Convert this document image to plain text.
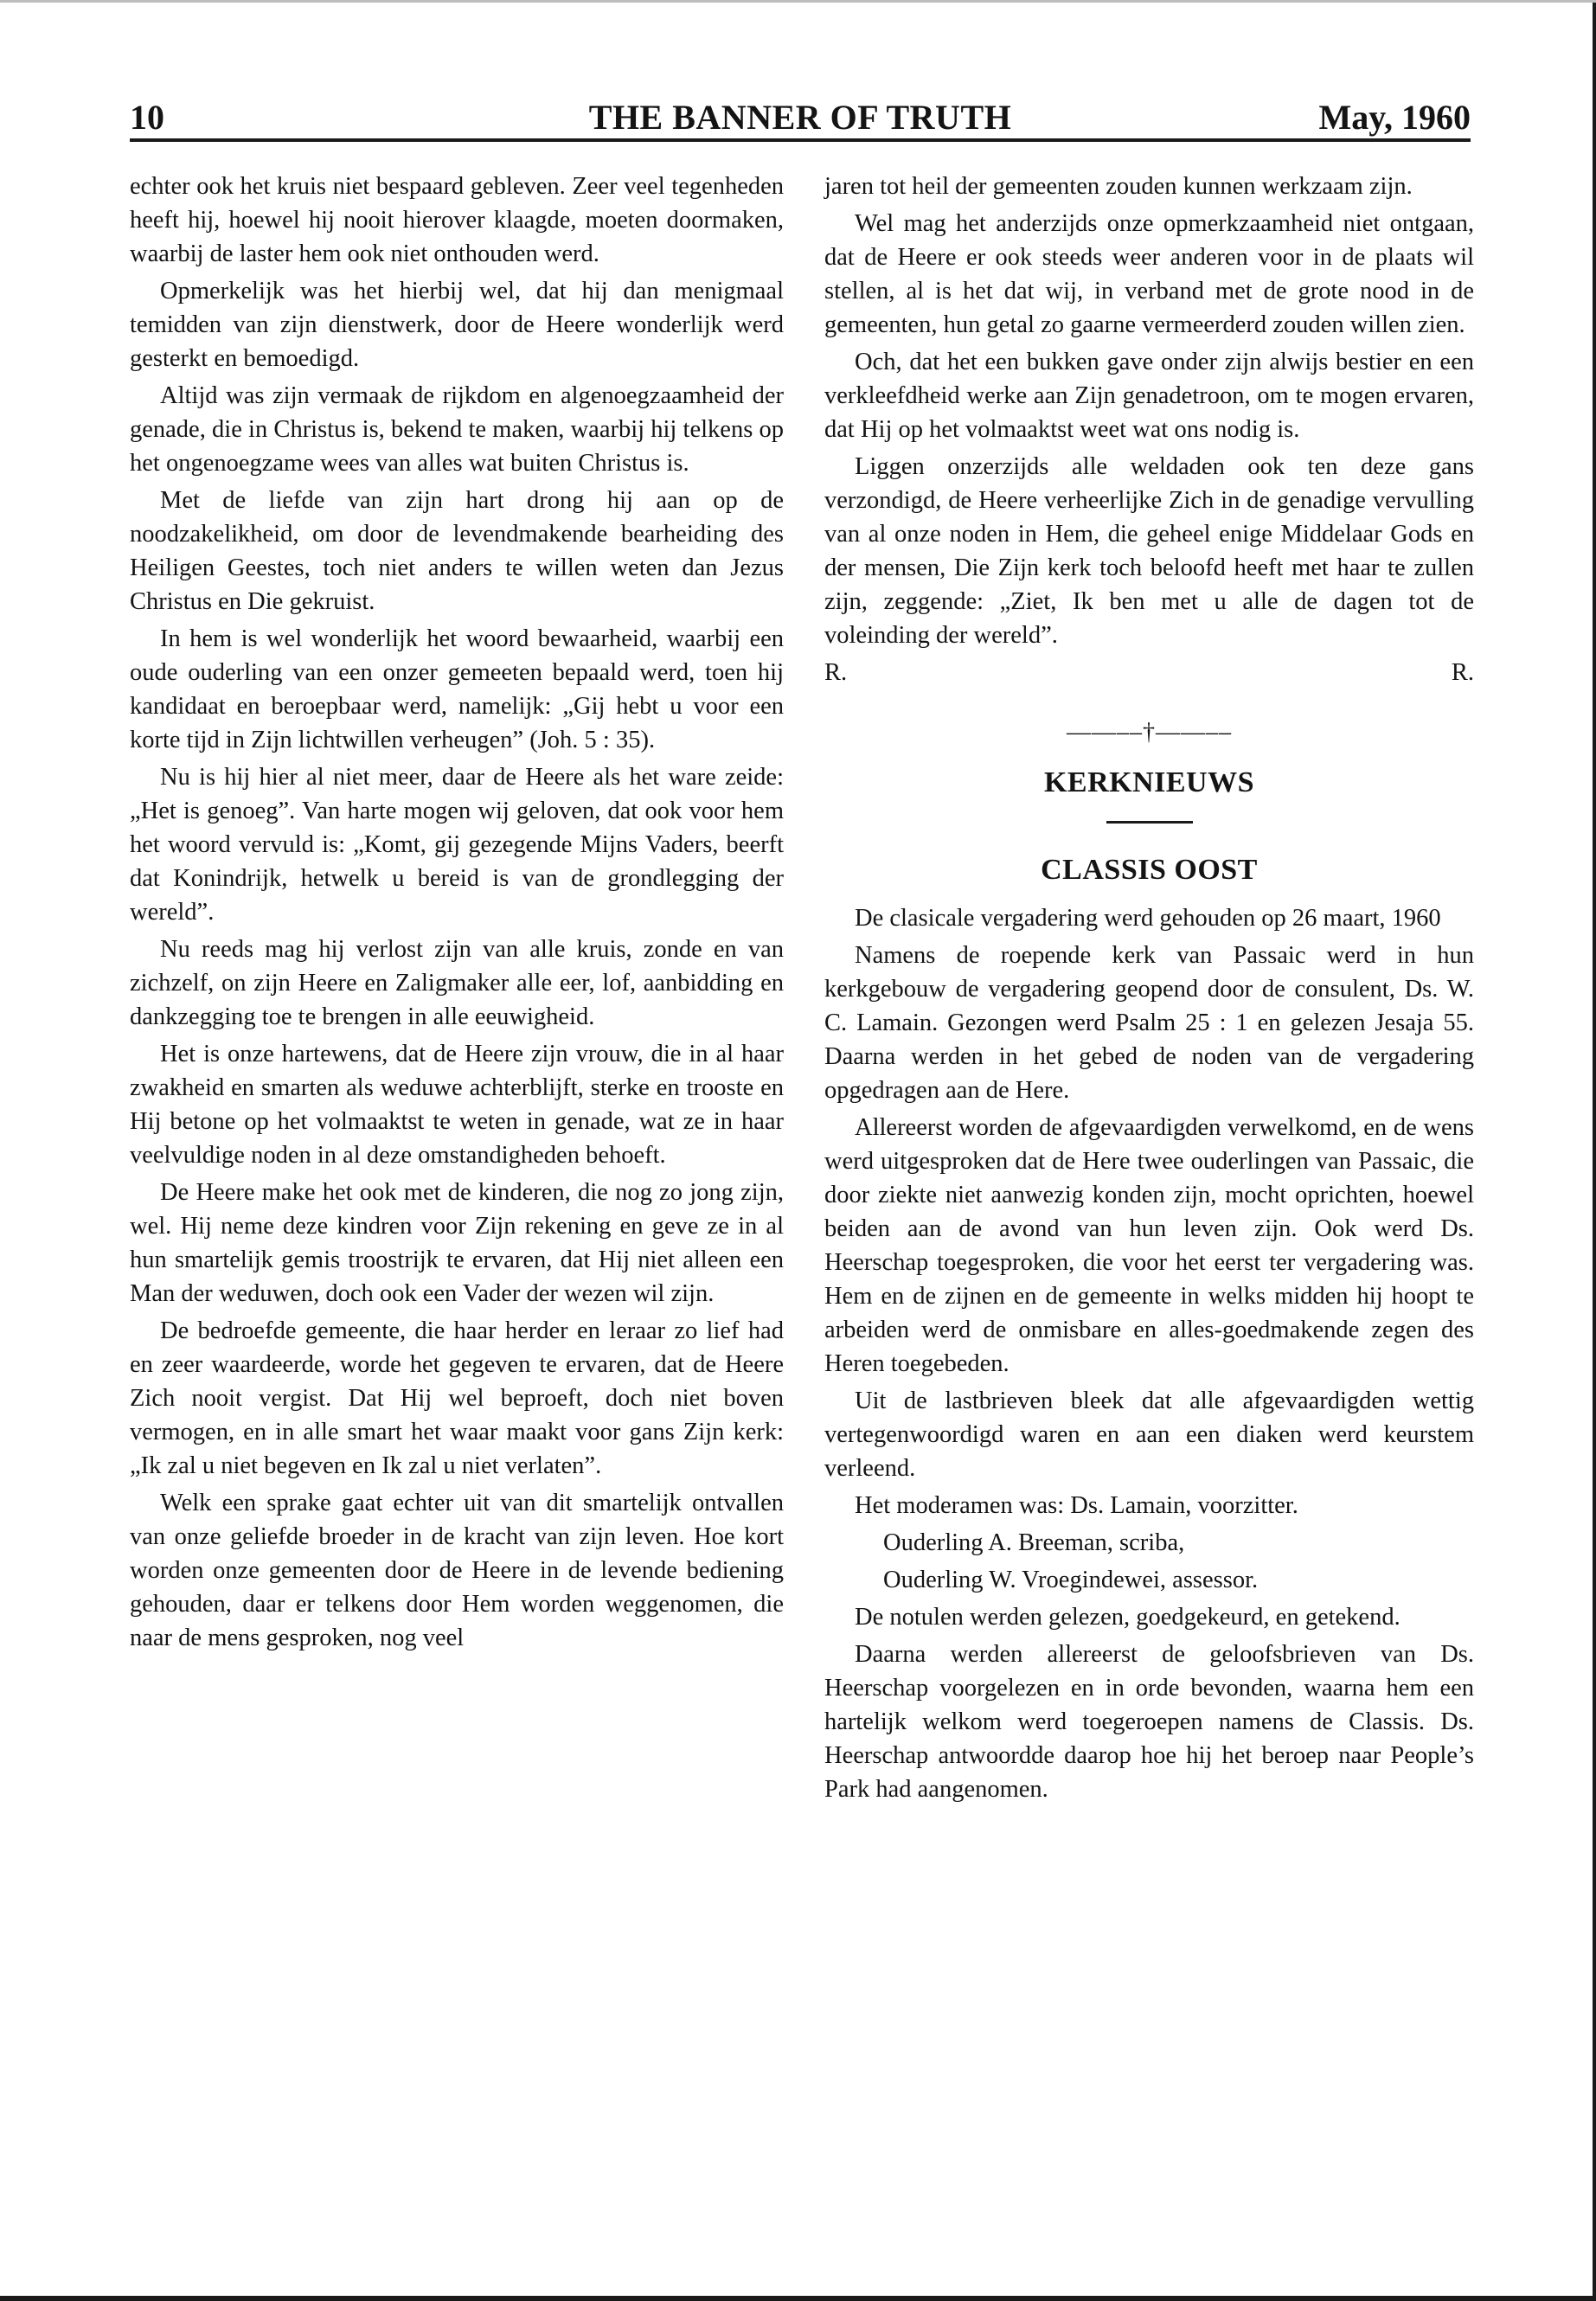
10	THE BANNER OF TRUTH	May, 1960

echter ook het kruis niet bespaard gebleven. Zeer veel tegenheden heeft hij, hoewel hij nooit hierover klaagde, moeten doormaken, waarbij de laster hem ook niet onthouden werd.

Opmerkelijk was het hierbij wel, dat hij dan menigmaal temidden van zijn dienstwerk, door de Heere wonderlijk werd gesterkt en bemoedigd.

Altijd was zijn vermaak de rijkdom en algenoegzaamheid der genade, die in Christus is, bekend te maken, waarbij hij telkens op het ongenoegzame wees van alles wat buiten Christus is.

Met de liefde van zijn hart drong hij aan op de noodzakelikheid, om door de levendmakende bearheiding des Heiligen Geestes, toch niet anders te willen weten dan Jezus Christus en Die gekruist.

In hem is wel wonderlijk het woord bewaarheid, waarbij een oude ouderling van een onzer gemeeten bepaald werd, toen hij kandidaat en beroepbaar werd, namelijk: „Gij hebt u voor een korte tijd in Zijn lichtwillen verheugen” (Joh. 5 : 35).

Nu is hij hier al niet meer, daar de Heere als het ware zeide: „Het is genoeg”. Van harte mogen wij geloven, dat ook voor hem het woord vervuld is: „Komt, gij gezegende Mijns Vaders, beerft dat Konindrijk, hetwelk u bereid is van de grondlegging der wereld”.

Nu reeds mag hij verlost zijn van alle kruis, zonde en van zichzelf, on zijn Heere en Zaligmaker alle eer, lof, aanbidding en dankzegging toe te brengen in alle eeuwigheid.

Het is onze hartewens, dat de Heere zijn vrouw, die in al haar zwakheid en smarten als weduwe achterblijft, sterke en trooste en Hij betone op het volmaaktst te weten in genade, wat ze in haar veelvuldige noden in al deze omstandigheden behoeft.

De Heere make het ook met de kinderen, die nog zo jong zijn, wel. Hij neme deze kindren voor Zijn rekening en geve ze in al hun smartelijk gemis troostrijk te ervaren, dat Hij niet alleen een Man der weduwen, doch ook een Vader der wezen wil zijn.

De bedroefde gemeente, die haar herder en leraar zo lief had en zeer waardeerde, worde het gegeven te ervaren, dat de Heere Zich nooit vergist. Dat Hij wel beproeft, doch niet boven vermogen, en in alle smart het waar maakt voor gans Zijn kerk: „Ik zal u niet begeven en Ik zal u niet verlaten”.

Welk een sprake gaat echter uit van dit smartelijk ontvallen van onze geliefde broeder in de kracht van zijn leven. Hoe kort worden onze gemeenten door de Heere in de levende bediening gehouden, daar er telkens door Hem worden weggenomen, die naar de mens gesproken, nog veel

jaren tot heil der gemeenten zouden kunnen werkzaam zijn.

Wel mag het anderzijds onze opmerkzaamheid niet ontgaan, dat de Heere er ook steeds weer anderen voor in de plaats wil stellen, al is het dat wij, in verband met de grote nood in de gemeenten, hun getal zo gaarne vermeerderd zouden willen zien.

Och, dat het een bukken gave onder zijn alwijs bestier en een verkleefdheid werke aan Zijn genadetroon, om te mogen ervaren, dat Hij op het volmaaktst weet wat ons nodig is.

Liggen onzerzijds alle weldaden ook ten deze gans verzondigd, de Heere verheerlijke Zich in de genadige vervulling van al onze noden in Hem, die geheel enige Middelaar Gods en der mensen, Die Zijn kerk toch beloofd heeft met haar te zullen zijn, zeggende: „Ziet, Ik ben met u alle de dagen tot de voleinding der wereld”.

R.	R.
——––†——––
KERKNIEUWS
CLASSIS OOST

De clasicale vergadering werd gehouden op 26 maart, 1960

Namens de roepende kerk van Passaic werd in hun kerkgebouw de vergadering geopend door de consulent, Ds. W. C. Lamain. Gezongen werd Psalm 25 : 1 en gelezen Jesaja 55. Daarna werden in het gebed de noden van de vergadering opgedragen aan de Here.

Allereerst worden de afgevaardigden verwelkomd, en de wens werd uitgesproken dat de Here twee ouderlingen van Passaic, die door ziekte niet aanwezig konden zijn, mocht oprichten, hoewel beiden aan de avond van hun leven zijn. Ook werd Ds. Heerschap toegesproken, die voor het eerst ter vergadering was. Hem en de zijnen en de gemeente in welks midden hij hoopt te arbeiden werd de onmisbare en alles-goedmakende zegen des Heren toegebeden.

Uit de lastbrieven bleek dat alle afgevaardigden wettig vertegenwoordigd waren en aan een diaken werd keurstem verleend.

Het moderamen was: Ds. Lamain, voorzitter.

Ouderling A. Breeman, scriba,

Ouderling W. Vroegindewei, assessor.

De notulen werden gelezen, goedgekeurd, en getekend.

Daarna werden allereerst de geloofsbrieven van Ds. Heerschap voorgelezen en in orde bevonden, waarna hem een hartelijk welkom werd toegeroepen namens de Classis. Ds. Heerschap antwoordde daarop hoe hij het beroep naar People’s Park had aangenomen.
